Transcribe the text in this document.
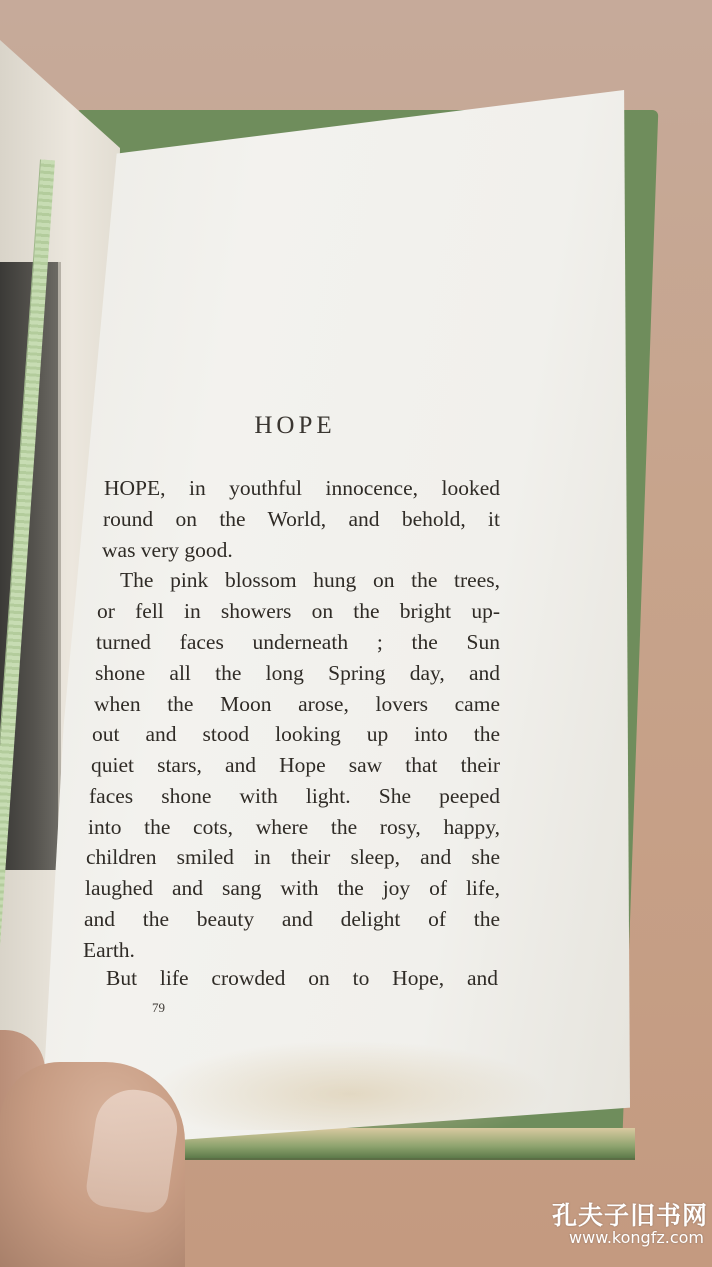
HOPE
HOPE, in youthful innocence, looked
round on the World, and behold, it
was very good.
The pink blossom hung on the trees,
or fell in showers on the bright up-
turned faces underneath ; the Sun
shone all the long Spring day, and
when the Moon arose, lovers came
out and stood looking up into the
quiet stars, and Hope saw that their
faces shone with light. She peeped
into the cots, where the rosy, happy,
children smiled in their sleep, and she
laughed and sang with the joy of life,
and the beauty and delight of the
Earth.
But life crowded on to Hope, and
79
孔夫子旧书网
www.kongfz.com
